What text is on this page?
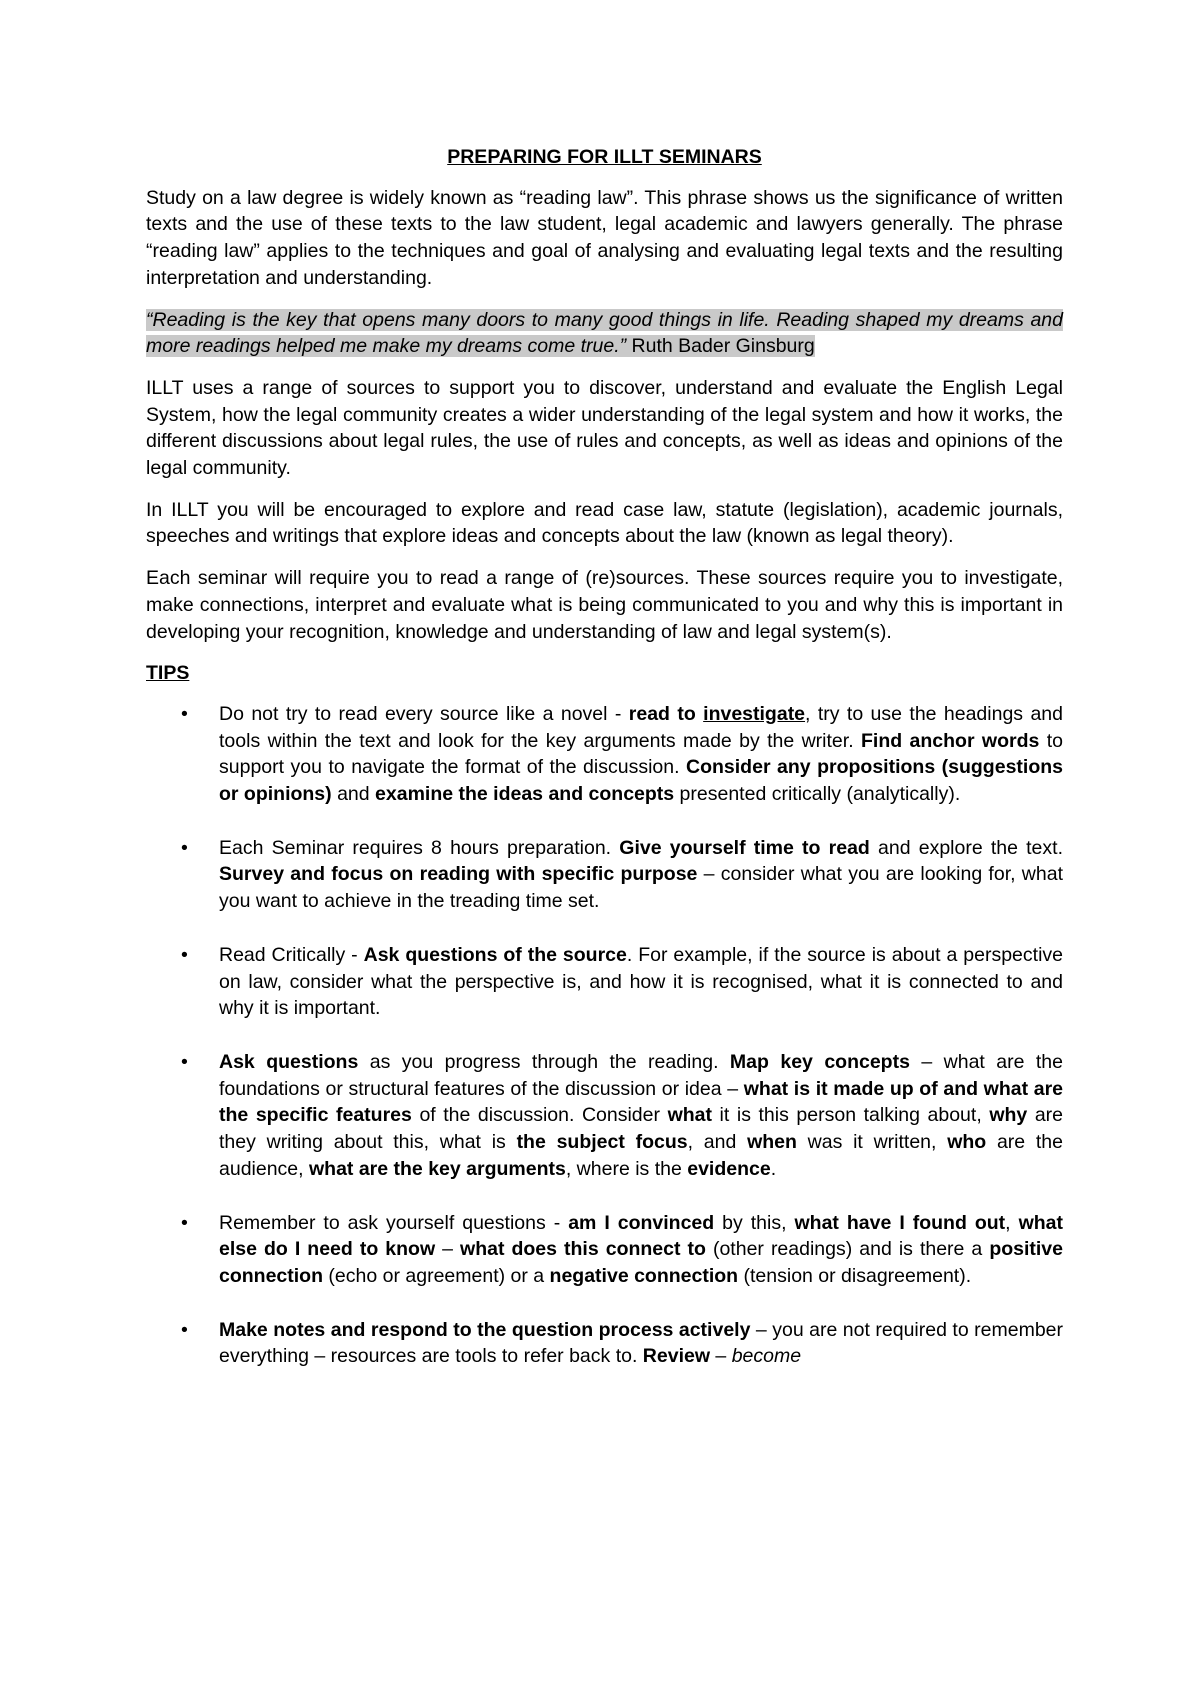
PREPARING FOR ILLT SEMINARS

Study on a law degree is widely known as “reading law”. This phrase shows us the significance of written texts and the use of these texts to the law student, legal academic and lawyers generally. The phrase “reading law” applies to the techniques and goal of analysing and evaluating legal texts and the resulting interpretation and understanding.

“Reading is the key that opens many doors to many good things in life. Reading shaped my dreams and more readings helped me make my dreams come true.” Ruth Bader Ginsburg

ILLT uses a range of sources to support you to discover, understand and evaluate the English Legal System, how the legal community creates a wider understanding of the legal system and how it works, the different discussions about legal rules, the use of rules and concepts, as well as ideas and opinions of the legal community.

In ILLT you will be encouraged to explore and read case law, statute (legislation), academic journals, speeches and writings that explore ideas and concepts about the law (known as legal theory).

Each seminar will require you to read a range of (re)sources. These sources require you to investigate, make connections, interpret and evaluate what is being communicated to you and why this is important in developing your recognition, knowledge and understanding of law and legal system(s).

TIPS
• Do not try to read every source like a novel - read to investigate, try to use the headings and tools within the text and look for the key arguments made by the writer. Find anchor words to support you to navigate the format of the discussion. Consider any propositions (suggestions or opinions) and examine the ideas and concepts presented critically (analytically).
• Each Seminar requires 8 hours preparation. Give yourself time to read and explore the text. Survey and focus on reading with specific purpose – consider what you are looking for, what you want to achieve in the treading time set.
• Read Critically - Ask questions of the source. For example, if the source is about a perspective on law, consider what the perspective is, and how it is recognised, what it is connected to and why it is important.
• Ask questions as you progress through the reading. Map key concepts – what are the foundations or structural features of the discussion or idea – what is it made up of and what are the specific features of the discussion. Consider what it is this person talking about, why are they writing about this, what is the subject focus, and when was it written, who are the audience, what are the key arguments, where is the evidence.
• Remember to ask yourself questions - am I convinced by this, what have I found out, what else do I need to know – what does this connect to (other readings) and is there a positive connection (echo or agreement) or a negative connection (tension or disagreement).
• Make notes and respond to the question process actively – you are not required to remember everything – resources are tools to refer back to. Review – become
